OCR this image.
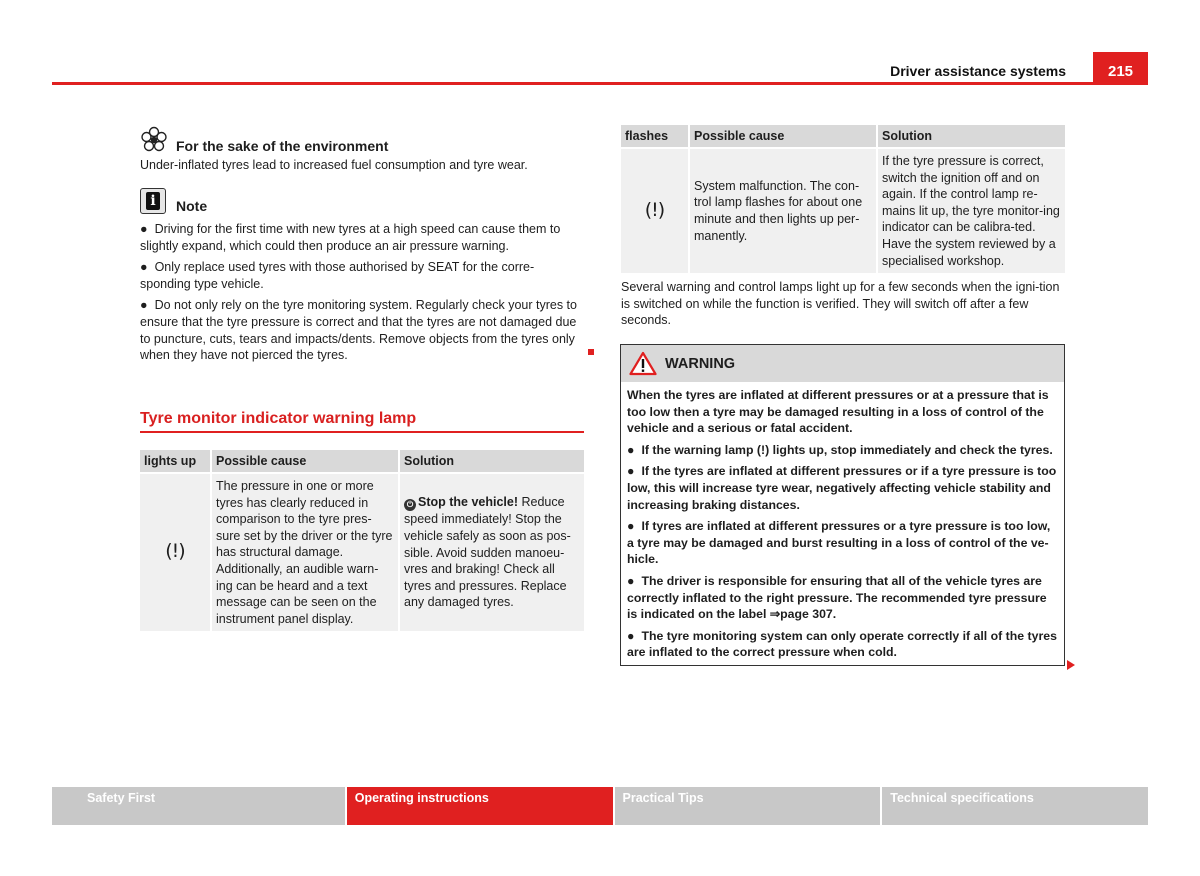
Driver assistance systems	215
For the sake of the environment
Under-inflated tyres lead to increased fuel consumption and tyre wear.
i	Note

● Driving for the first time with new tyres at a high speed can cause them to slightly expand, which could then produce an air pressure warning.

● Only replace used tyres with those authorised by SEAT for the corre-sponding type vehicle.

● Do not only rely on the tyre monitoring system. Regularly check your tyres to ensure that the tyre pressure is correct and that the tyres are not damaged due to puncture, cuts, tears and impacts/dents. Remove objects from the tyres only when they have not pierced the tyres.

Tyre monitor indicator warning lamp
lights up	Possible cause	Solution
(!)	The pressure in one or more tyres has clearly reduced in comparison to the tyre pres-sure set by the driver or the tyre has structural damage. Additionally, an audible warn-ing can be heard and a text message can be seen on the instrument panel display.	⏻ Stop the vehicle! Reduce speed immediately! Stop the vehicle safely as soon as pos-sible. Avoid sudden manoeu-vres and braking! Check all tyres and pressures. Replace any damaged tyres.
flashes	Possible cause	Solution
(!)	System malfunction. The con-trol lamp flashes for about one minute and then lights up per-manently.	If the tyre pressure is correct, switch the ignition off and on again. If the control lamp re-mains lit up, the tyre monitor-ing indicator can be calibra-ted. Have the system reviewed by a specialised workshop.
Several warning and control lamps light up for a few seconds when the igni-tion is switched on while the function is verified. They will switch off after a few seconds.
WARNING

When the tyres are inflated at different pressures or at a pressure that is too low then a tyre may be damaged resulting in a loss of control of the vehicle and a serious or fatal accident.

● If the warning lamp (!) lights up, stop immediately and check the tyres.

● If the tyres are inflated at different pressures or if a tyre pressure is too low, this will increase tyre wear, negatively affecting vehicle stability and increasing braking distances.

● If tyres are inflated at different pressures or a tyre pressure is too low, a tyre may be damaged and burst resulting in a loss of control of the ve-hicle.

● The driver is responsible for ensuring that all of the vehicle tyres are correctly inflated to the right pressure. The recommended tyre pressure is indicated on the label ⇒page 307.

● The tyre monitoring system can only operate correctly if all of the tyres are inflated to the correct pressure when cold.

Safety First	Operating instructions	Practical Tips	Technical specifications
